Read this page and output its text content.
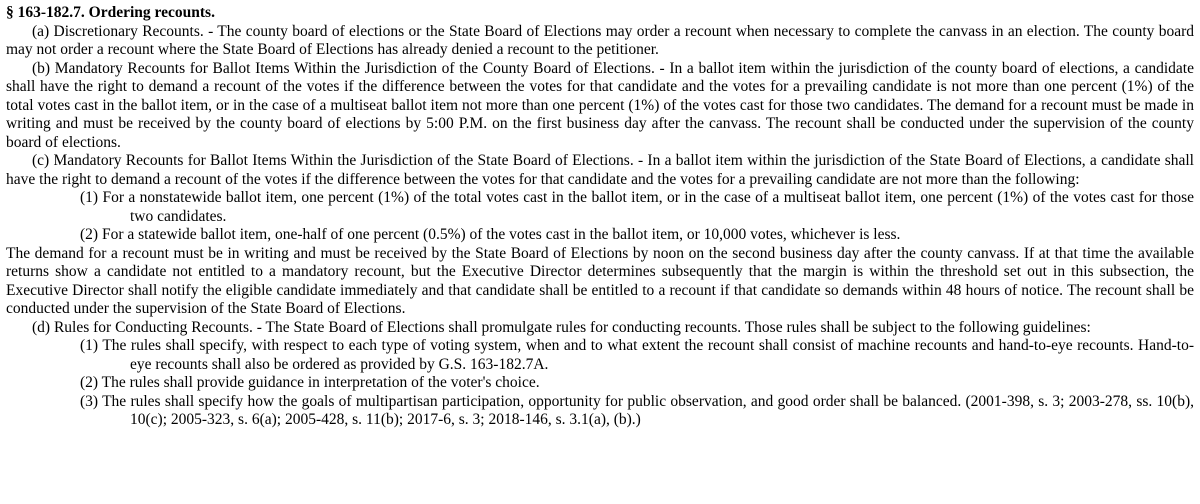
§ 163-182.7. Ordering recounts.

(a) Discretionary Recounts. - The county board of elections or the State Board of Elections may order a recount when necessary to complete the canvass in an election. The county board may not order a recount where the State Board of Elections has already denied a recount to the petitioner.

(b) Mandatory Recounts for Ballot Items Within the Jurisdiction of the County Board of Elections. - In a ballot item within the jurisdiction of the county board of elections, a candidate shall have the right to demand a recount of the votes if the difference between the votes for that candidate and the votes for a prevailing candidate is not more than one percent (1%) of the total votes cast in the ballot item, or in the case of a multiseat ballot item not more than one percent (1%) of the votes cast for those two candidates. The demand for a recount must be made in writing and must be received by the county board of elections by 5:00 P.M. on the first business day after the canvass. The recount shall be conducted under the supervision of the county board of elections.

(c) Mandatory Recounts for Ballot Items Within the Jurisdiction of the State Board of Elections. - In a ballot item within the jurisdiction of the State Board of Elections, a candidate shall have the right to demand a recount of the votes if the difference between the votes for that candidate and the votes for a prevailing candidate are not more than the following:

(1) For a nonstatewide ballot item, one percent (1%) of the total votes cast in the ballot item, or in the case of a multiseat ballot item, one percent (1%) of the votes cast for those two candidates.

(2) For a statewide ballot item, one-half of one percent (0.5%) of the votes cast in the ballot item, or 10,000 votes, whichever is less.

The demand for a recount must be in writing and must be received by the State Board of Elections by noon on the second business day after the county canvass. If at that time the available returns show a candidate not entitled to a mandatory recount, but the Executive Director determines subsequently that the margin is within the threshold set out in this subsection, the Executive Director shall notify the eligible candidate immediately and that candidate shall be entitled to a recount if that candidate so demands within 48 hours of notice. The recount shall be conducted under the supervision of the State Board of Elections.

(d) Rules for Conducting Recounts. - The State Board of Elections shall promulgate rules for conducting recounts. Those rules shall be subject to the following guidelines:

(1) The rules shall specify, with respect to each type of voting system, when and to what extent the recount shall consist of machine recounts and hand-to-eye recounts. Hand-to-eye recounts shall also be ordered as provided by G.S. 163-182.7A.

(2) The rules shall provide guidance in interpretation of the voter's choice.

(3) The rules shall specify how the goals of multipartisan participation, opportunity for public observation, and good order shall be balanced. (2001-398, s. 3; 2003-278, ss. 10(b), 10(c); 2005-323, s. 6(a); 2005-428, s. 11(b); 2017-6, s. 3; 2018-146, s. 3.1(a), (b).)
